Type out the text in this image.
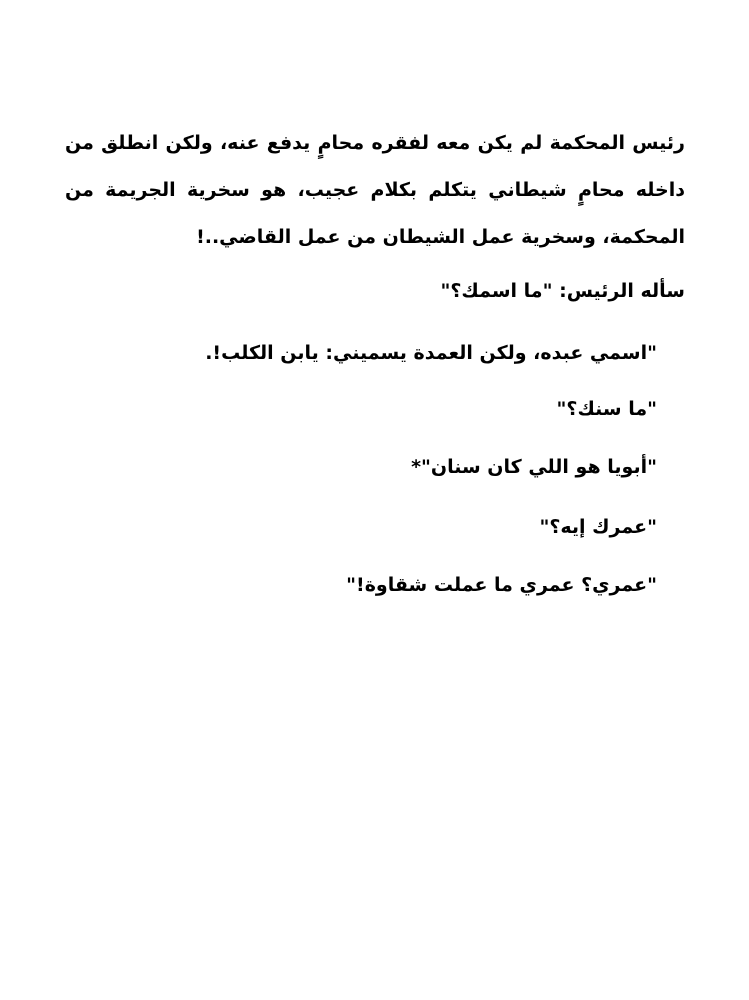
رئيس المحكمة لم يكن معه لفقره محامٍ يدفع عنه، ولكن انطلق من داخله محامٍ شيطاني يتكلم بكلام عجيب، هو سخرية الجريمة من المحكمة، وسخرية عمل الشيطان من عمل القاضي..!

سأله الرئيس: "ما اسمك؟"

"اسمي عبده، ولكن العمدة يسميني: يابن الكلب!.

"ما سنك؟"

"أبويا هو اللي كان سنان"*

"عمرك إيه؟"

"عمري؟ عمري ما عملت شقاوة!"
